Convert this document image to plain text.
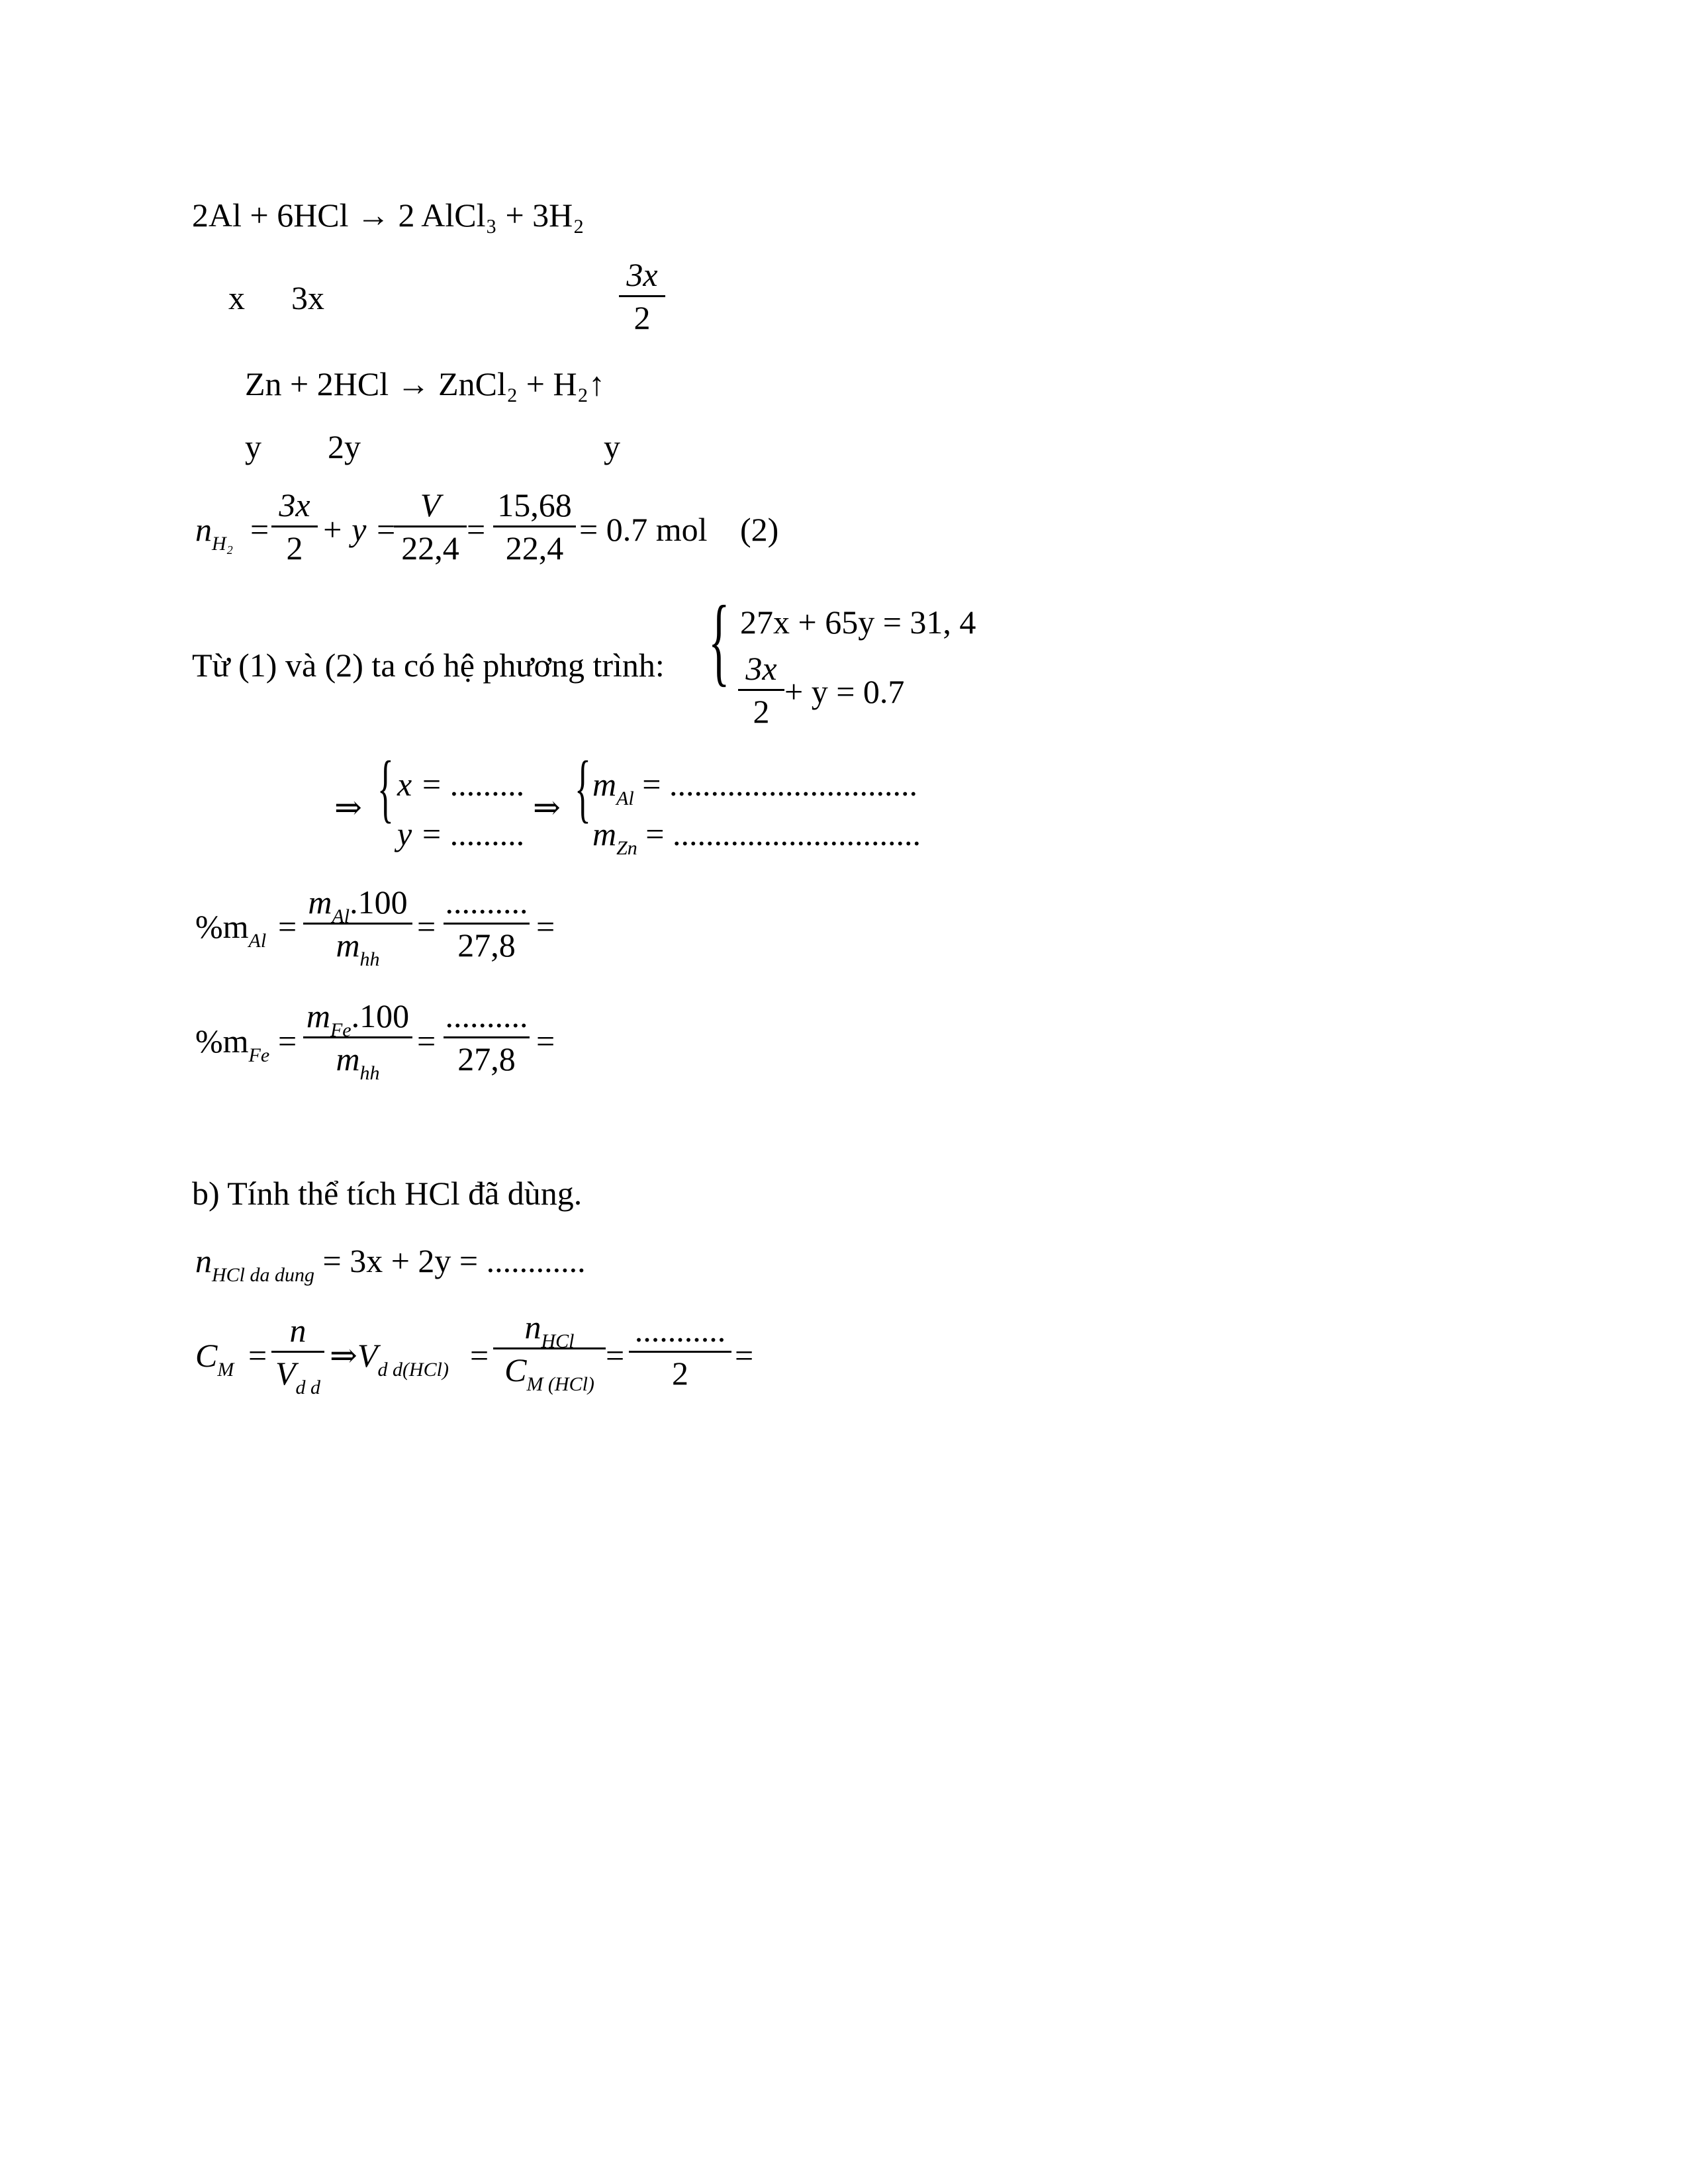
2Al + 6HCl → 2 AlCl₃ + 3H₂
x 3x
3x
2
Zn + 2HCl → ZnCl₂ + H₂↑
y 2y	y
$n_{H_2}$ =
3x
2 + y =
V
22,4 =
15,68
22,4 = 0.7 mol (2)
Từ (1) và (2) ta có hệ phương trình: { 27x + 65y = 31, 4
3x
2
+ y = 0.7
⇒ { x = .........
y = .........
⇒ { $m_{Al}$ = ..............................
$m_{Zn}$ = ..............................
$\%m_{Al}$ =
$m_{Al}.100$
$m_{hh}$
=
..........
27,8 =
$\%m_{Fe}$ =
$m_{Fe}.100$
$m_{hh}$
=
..........
27,8 =
b) Tính thể tích HCl đã dùng.
$n_{HCl da dung} = 3x + 2y$ = ............
$C_M$ =
n
$V_{d d}$
$\Rightarrow V_{d d(HCl)}$ =
$n_{HCl}$
$C_{M (HCl)}$
=
...........
2	=
